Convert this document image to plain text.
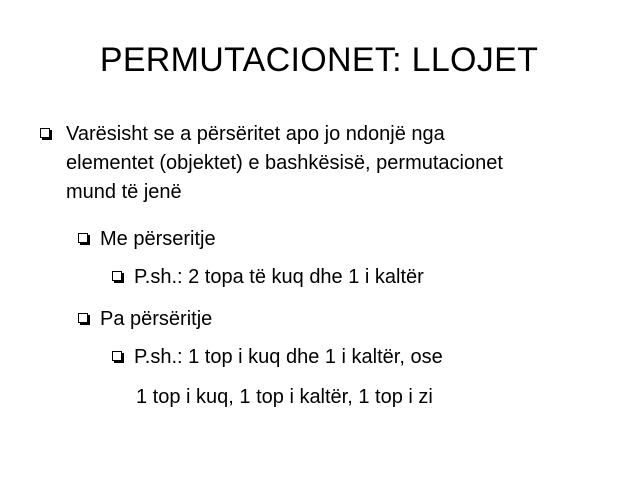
PERMUTACIONET: LLOJET
Varësisht se a përsëritet apo jo ndonjë nga
elementet (objektet) e bashkësisë, permutacionet
mund të jenë
Me përseritje
P.sh.: 2 topa të kuq dhe 1 i kaltër
Pa përsëritje
P.sh.: 1 top i kuq dhe 1 i kaltër, ose
1 top i kuq, 1 top i kaltër, 1 top i zi
